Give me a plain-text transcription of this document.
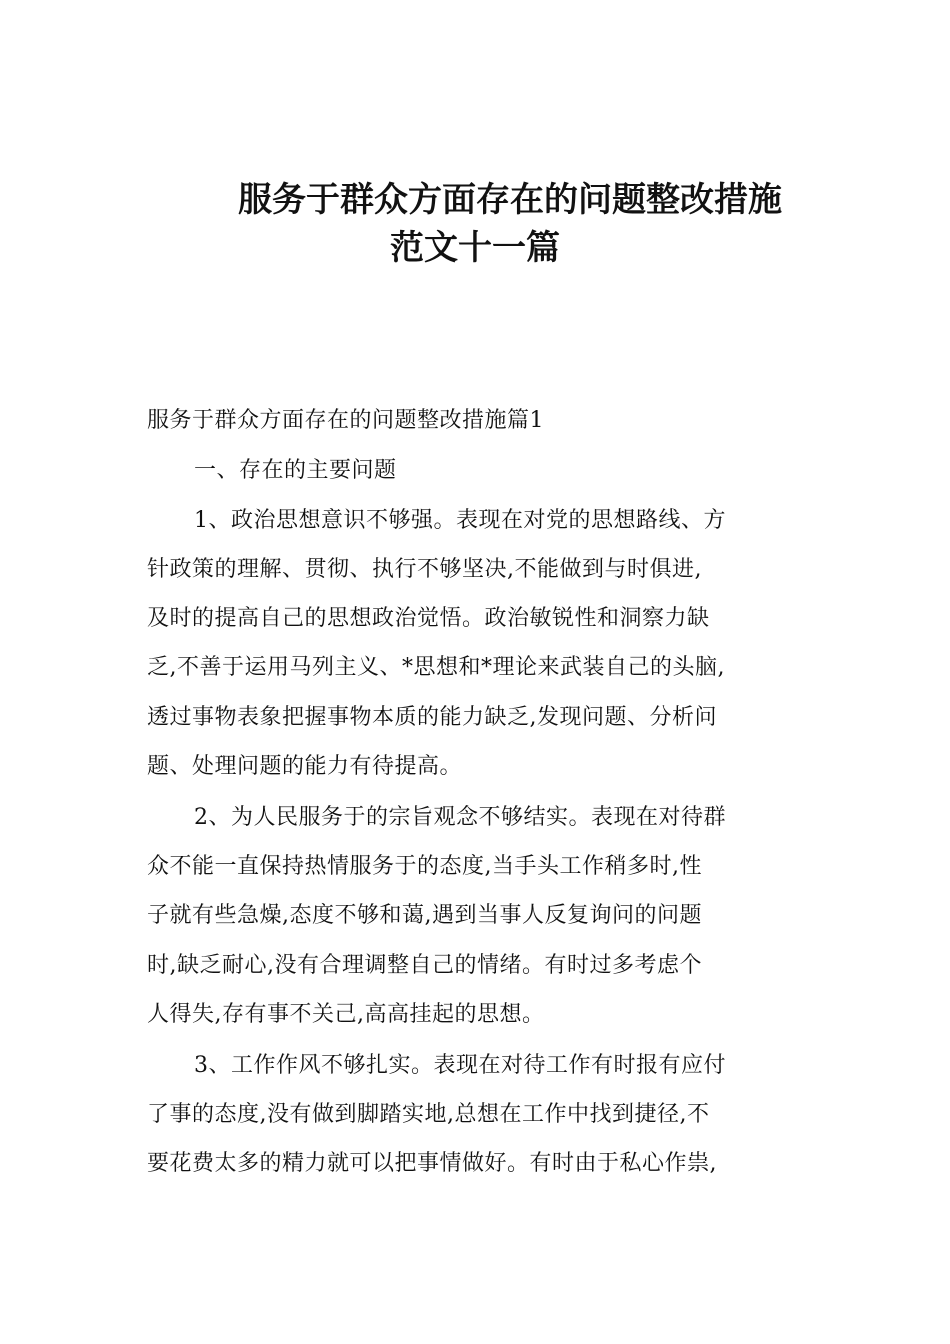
服务于群众方面存在的问题整改措施
范文十一篇
服务于群众方面存在的问题整改措施篇1
一、存在的主要问题
1、政治思想意识不够强。表现在对党的思想路线、方
针政策的理解、贯彻、执行不够坚决,不能做到与时俱进,
及时的提高自己的思想政治觉悟。政治敏锐性和洞察力缺
乏,不善于运用马列主义、*思想和*理论来武装自己的头脑,
透过事物表象把握事物本质的能力缺乏,发现问题、分析问
题、处理问题的能力有待提高。
2、为人民服务于的宗旨观念不够结实。表现在对待群
众不能一直保持热情服务于的态度,当手头工作稍多时,性
子就有些急燥,态度不够和蔼,遇到当事人反复询问的问题
时,缺乏耐心,没有合理调整自己的情绪。有时过多考虑个
人得失,存有事不关己,高高挂起的思想。
3、工作作风不够扎实。表现在对待工作有时报有应付
了事的态度,没有做到脚踏实地,总想在工作中找到捷径,不
要花费太多的精力就可以把事情做好。有时由于私心作祟,
